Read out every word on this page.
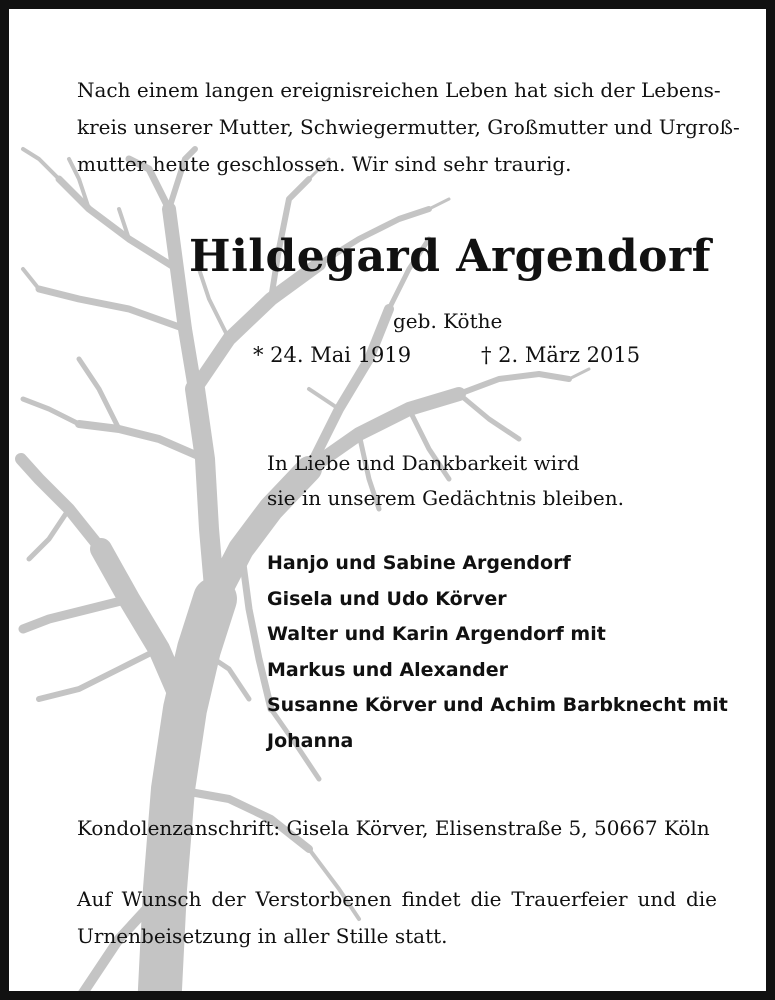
Nach einem langen ereignisreichen Leben hat sich der Lebens-
kreis unserer Mutter, Schwiegermutter, Großmutter und Urgroß-
mutter heute geschlossen. Wir sind sehr traurig.
Hildegard Argendorf
geb. Köthe
* 24. Mai 1919	† 2. März 2015
In Liebe und Dankbarkeit wird
sie in unserem Gedächtnis bleiben.
Hanjo und Sabine Argendorf
Gisela und Udo Körver
Walter und Karin Argendorf mit
Markus und Alexander
Susanne Körver und Achim Barbknecht mit
Johanna
Kondolenzanschrift: Gisela Körver, Elisenstraße 5, 50667 Köln
Auf Wunsch der Verstorbenen findet die Trauerfeier und die
Urnenbeisetzung in aller Stille statt.
